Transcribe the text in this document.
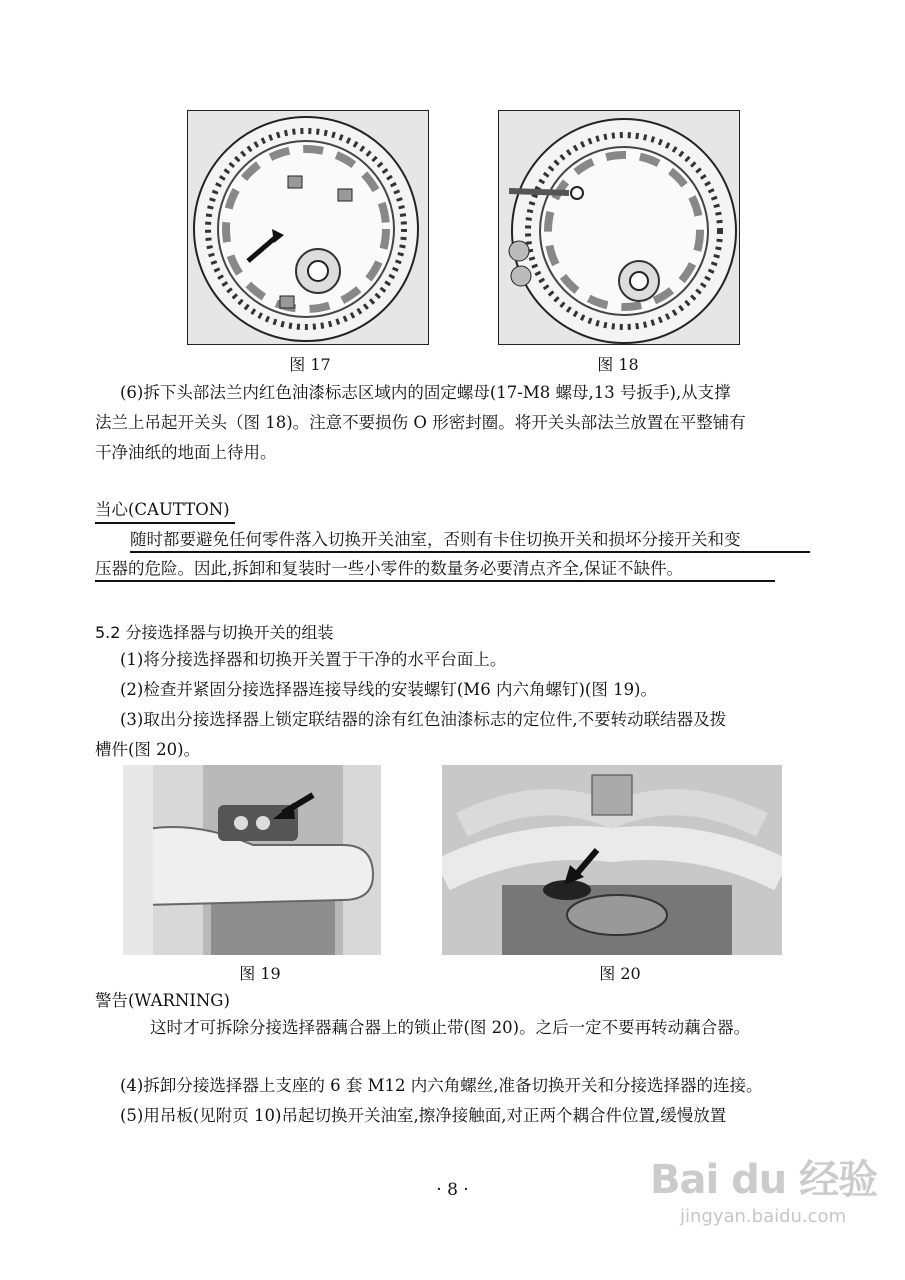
图 17	图 18
(6)拆下头部法兰内红色油漆标志区域内的固定螺母(17-M8 螺母,13 号扳手),从支撑
法兰上吊起开关头（图 18)。注意不要损伤 O 形密封圈。将开关头部法兰放置在平整铺有
干净油纸的地面上待用。
当心(CAUTTON)
随时都要避免任何零件落入切换开关油室，否则有卡住切换开关和损坏分接开关和变
压器的危险。因此,拆卸和复装时一些小零件的数量务必要清点齐全,保证不缺件。
5.2 分接选择器与切换开关的组装
(1)将分接选择器和切换开关置于干净的水平台面上。
(2)检查并紧固分接选择器连接导线的安装螺钉(M6 内六角螺钉)(图 19)。
(3)取出分接选择器上锁定联结器的涂有红色油漆标志的定位件,不要转动联结器及拨
槽件(图 20)。
图 19	图 20
警告(WARNING)
这时才可拆除分接选择器藕合器上的锁止带(图 20)。之后一定不要再转动藕合器。
(4)拆卸分接选择器上支座的 6 套 M12 内六角螺丝,准备切换开关和分接选择器的连接。
(5)用吊板(见附页 10)吊起切换开关油室,擦净接触面,对正两个耦合件位置,缓慢放置
· 8 ·	Bai du 经验
jingyan.baidu.com
